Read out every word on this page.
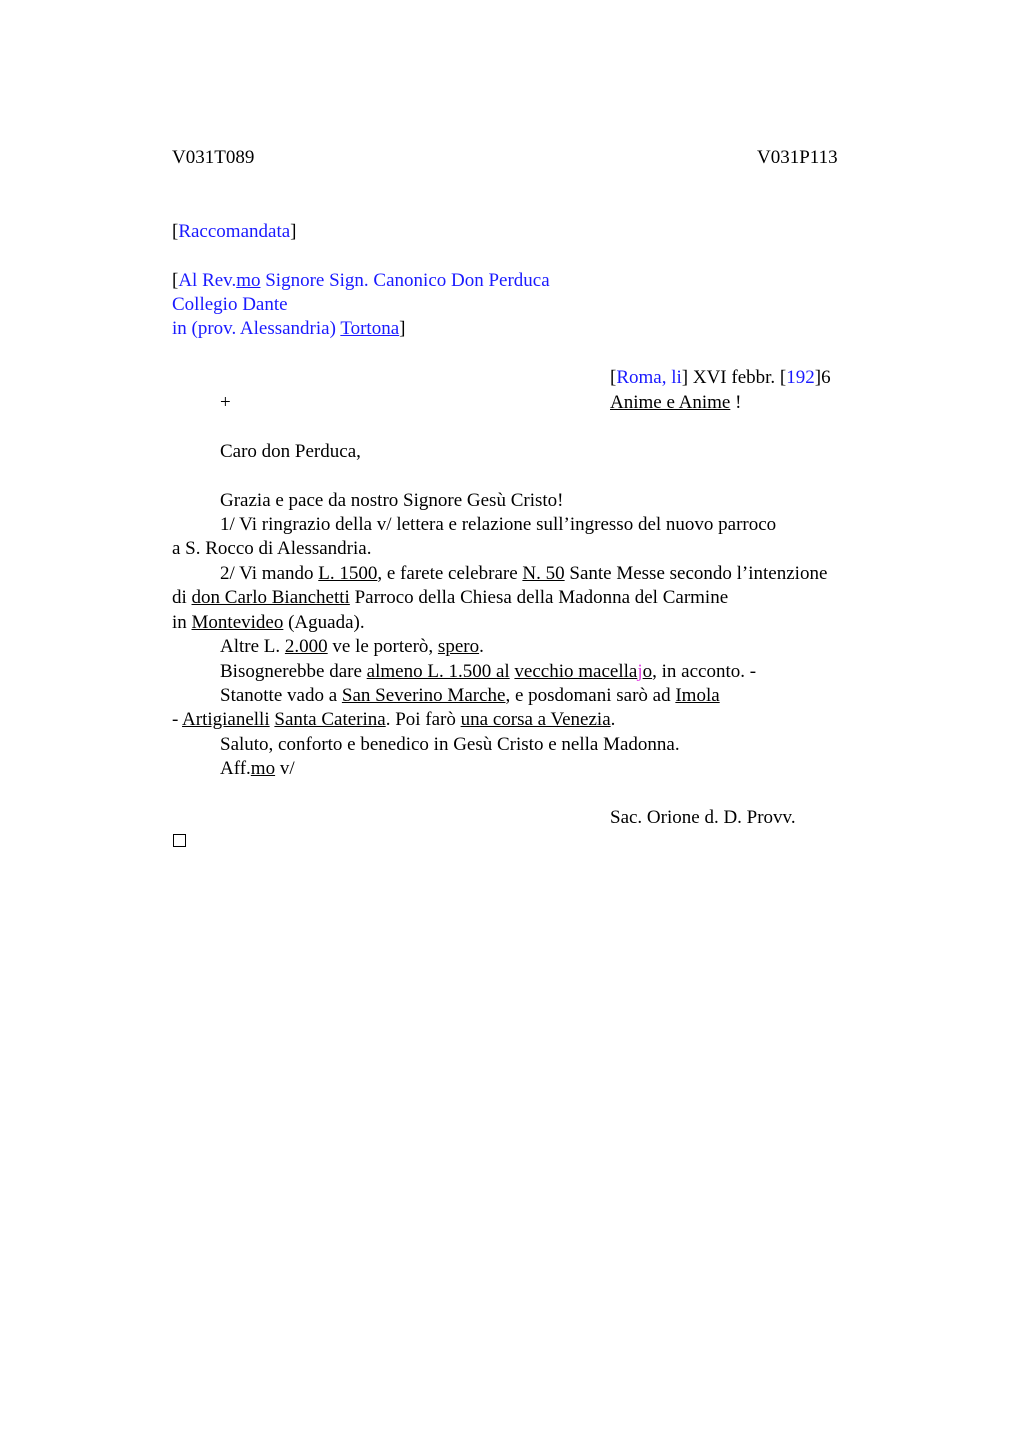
V031T089	V031P113
[Raccomandata]
[Al Rev.mo Signore Sign. Canonico Don Perduca
Collegio Dante
in (prov. Alessandria) Tortona]
[Roma, li] XVI febbr. [192]6
+	Anime e Anime !
Caro don Perduca,
Grazia e pace da nostro Signore Gesù Cristo!
1/ Vi ringrazio della v/ lettera e relazione sull’ingresso del nuovo parroco
a S. Rocco di Alessandria.
2/ Vi mando L. 1500, e farete celebrare N. 50 Sante Messe secondo l’intenzione
di don Carlo Bianchetti Parroco della Chiesa della Madonna del Carmine
in Montevideo (Aguada).
Altre L. 2.000 ve le porterò, spero.
Bisognerebbe dare almeno L. 1.500 al vecchio macellajo, in acconto. -
Stanotte vado a San Severino Marche, e posdomani sarò ad Imola
- Artigianelli Santa Caterina. Poi farò una corsa a Venezia.
Saluto, conforto e benedico in Gesù Cristo e nella Madonna.
Aff.mo v/
Sac. Orione d. D. Provv.
